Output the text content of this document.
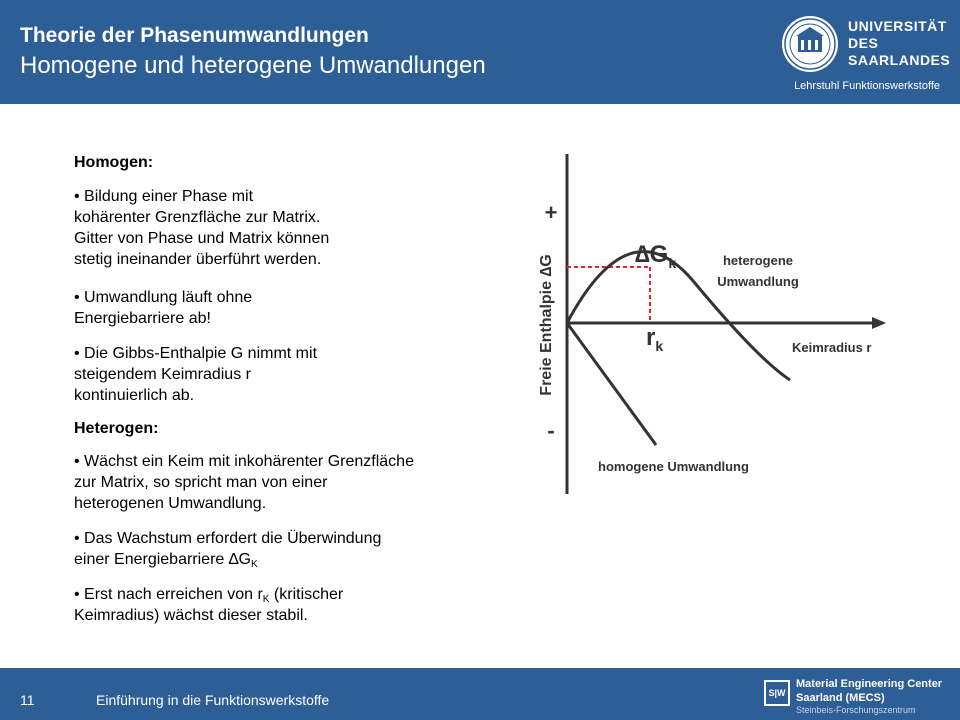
Theorie der Phasenumwandlungen
Homogene und heterogene Umwandlungen
UNIVERSITÄT
DES
SAARLANDES
Lehrstuhl Funktionswerkstoffe
Homogen:
• Bildung einer Phase mit
kohärenter Grenzfläche zur Matrix.
Gitter von Phase und Matrix können
stetig ineinander überführt werden.
• Umwandlung läuft ohne
Energiebarriere ab!
• Die Gibbs-Enthalpie G nimmt mit
steigendem Keimradius r
kontinuierlich ab.
Heterogen:
• Wächst ein Keim mit inkohärenter Grenzfläche
zur Matrix, so spricht man von einer
heterogenen Umwandlung.
• Das Wachstum erfordert die Überwindung
einer Energiebarriere $\Delta G_K$
• Erst nach erreichen von $r_K$ (kritischer
Keimradius) wächst dieser stabil.
Freie Enthalpie ∆G
+
-
$\Delta G_k$
$r_k$
heterogene
Umwandlung
Keimradius r
homogene Umwandlung
11	Einführung in die Funktionswerkstoffe	S|W
Material Engineering Center
Saarland (MECS)
Steinbeis-Forschungszentrum
